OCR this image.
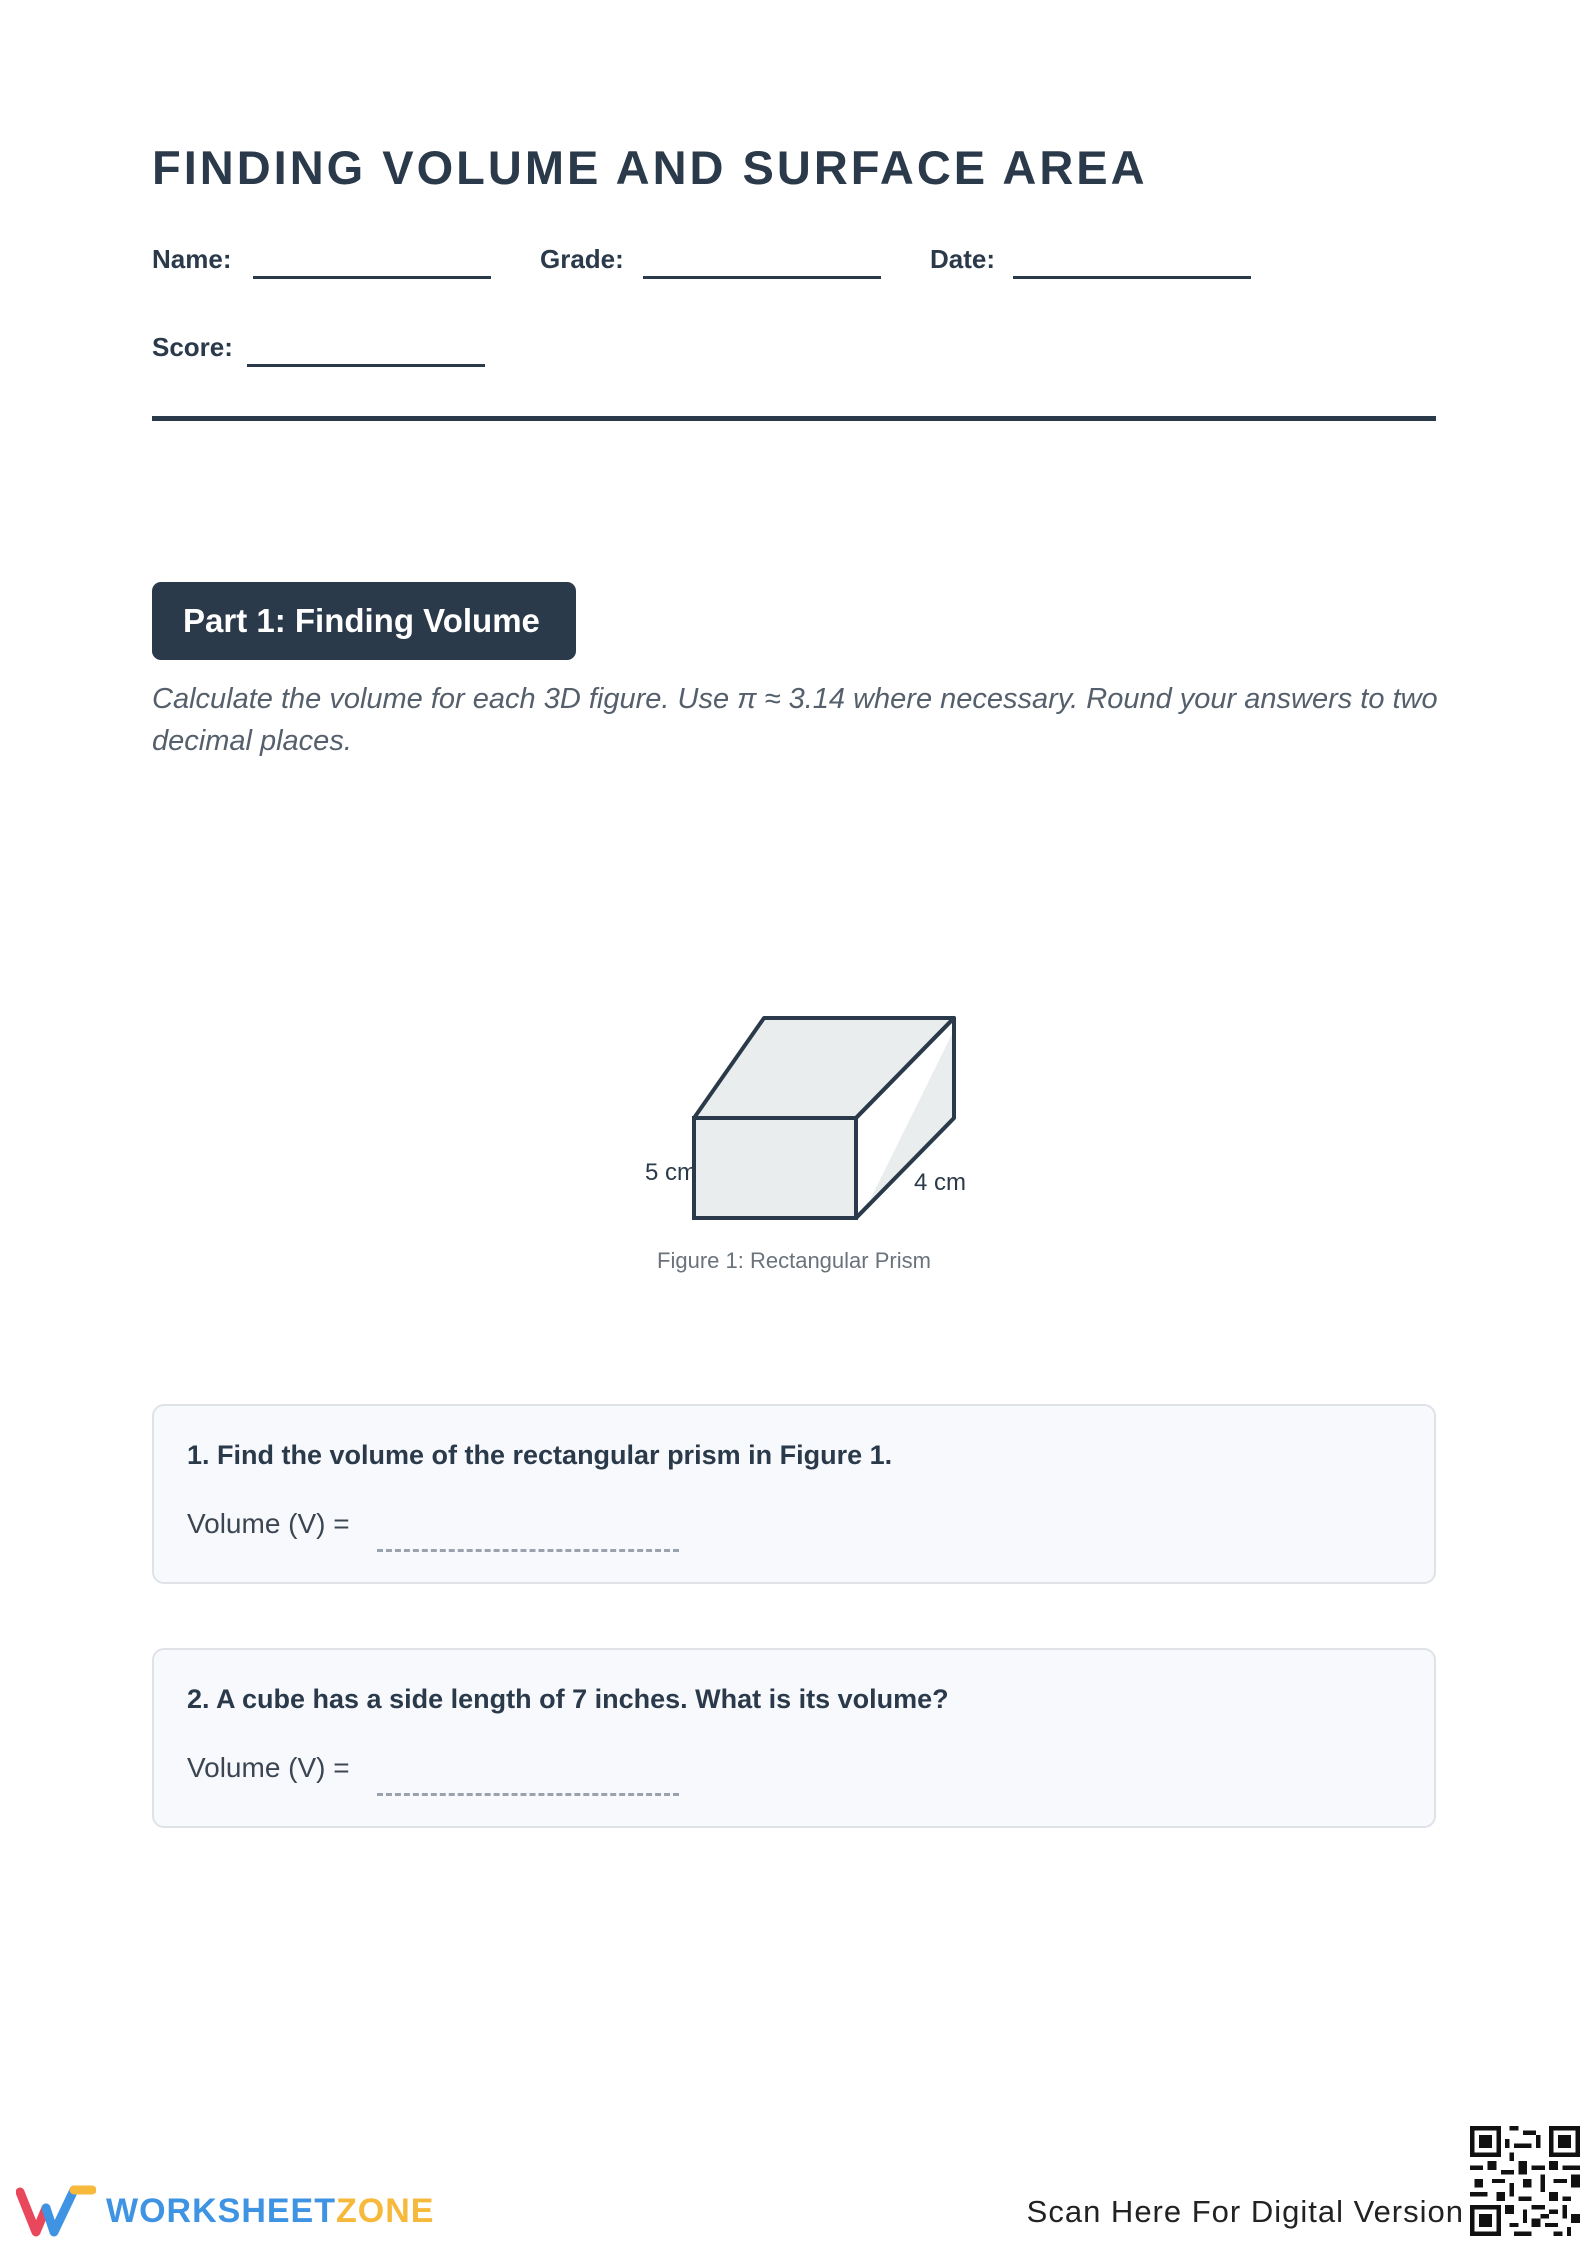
FINDING VOLUME AND SURFACE AREA
Name:	Grade:	Date:
Score:
Part 1: Finding Volume
Calculate the volume for each 3D figure. Use π ≈ 3.14 where necessary. Round your answers to two decimal places.
5 cm	4 cm
Figure 1: Rectangular Prism
1. Find the volume of the rectangular prism in Figure 1.
Volume (V) =
2. A cube has a side length of 7 inches. What is its volume?
Volume (V) =
WORKSHEETZONE	Scan Here For Digital Version
